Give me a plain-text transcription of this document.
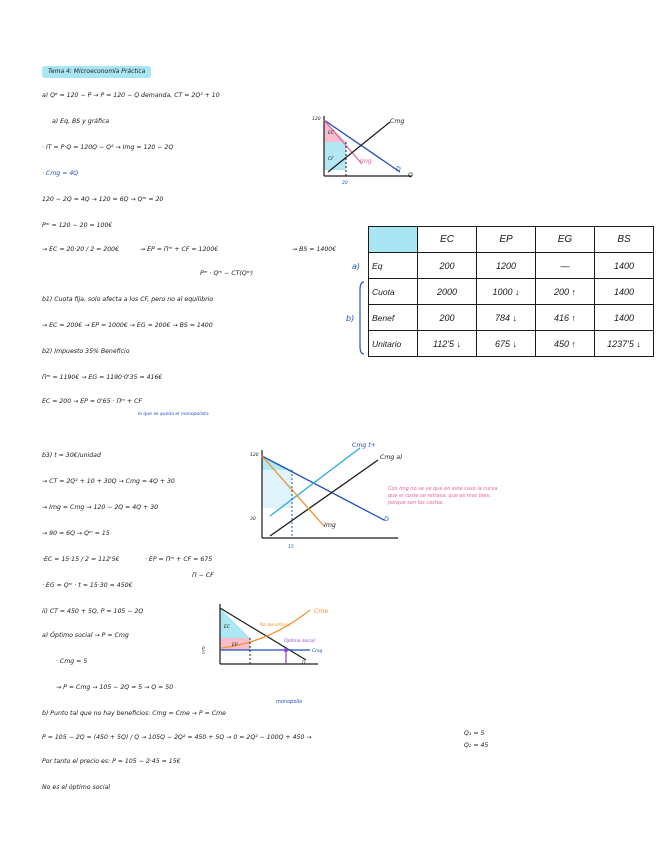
Tema 4: Microeconomía Práctica
a) Qᵈ = 120 − P → P = 120 − Q demanda, CT = 2Q² + 10
a) Eq, BS y gráfica
· IT = P·Q = 120Q − Q² → Img = 120 − 2Q
· Cmg = 4Q
120 − 2Q = 4Q → 120 = 6Q → Qᵐ = 20
Pᵐ = 120 − 20 = 100€
→ EC = 20·20 / 2 = 200€	→ EP = Πᵐ + CF = 1200€	→ BS = 1400€
Pᵐ · Qᵐ − CT(Qᵐ)
b1) Cuota fija, solo afecta a los CF, pero no al equilibrio
→ EC = 200€ → EP = 1000€ → EG = 200€ → BS = 1400
b2) Impuesto 35% Beneficio
Πᵐ = 1190€ → EG = 1190·0'35 = 416€
EC = 200 → EP = 0'65 · Πᵐ + CF
lo que se queda el monopolista
b3) t = 30€/unidad
→ CT = 2Q² + 10 + 30Q → Cmg = 4Q + 30
→ Img = Cmg → 120 − 2Q = 4Q + 30
→ 90 = 6Q → Qᵐ = 15
·EC = 15·15 / 2 = 112'5€	· EP = Πᵐ + CF = 675
Π − CF
· EG = Qᵐ · t = 15·30 = 450€
ii) CT = 450 + 5Q, P = 105 − 2Q
a) Óptimo social → P = Cmg
· Cmg = 5
→ P = Cmg → 105 − 2Q = 5 → Q = 50
b) Punto tal que no hay beneficios: Cmg = Cme → P = Cme
monopolio
P = 105 − 2Q = (450 + 5Q) / Q → 105Q − 2Q² = 450 + 5Q → 0 = 2Q² − 100Q + 450 →
Q₁ = 5
Q₂ = 45
Por tanto el precio es: P = 105 − 2·45 = 15€
No es el óptimo social
Con Img no se ve que en este caso la curva que el coste se retrasa, que es mas bien, porque son los costos.
Cmg
Img
D
Q
EC
CF
20
120
	EC	EP	EG	BS
Eq	200	1200	—	1400
Cuota	2000	1000 ↓	200 ↑	1400
Benef	200	784 ↓	416 ↑	1400
Unitario	112'5 ↓	675 ↓	450 ↑	1237'5 ↓
a)
b)
Cmg t+
Cmg a)
D
Img
120
30
15
Cme
EC
EP
Cmg
No beneficios
Óptimo social
D
P
5
